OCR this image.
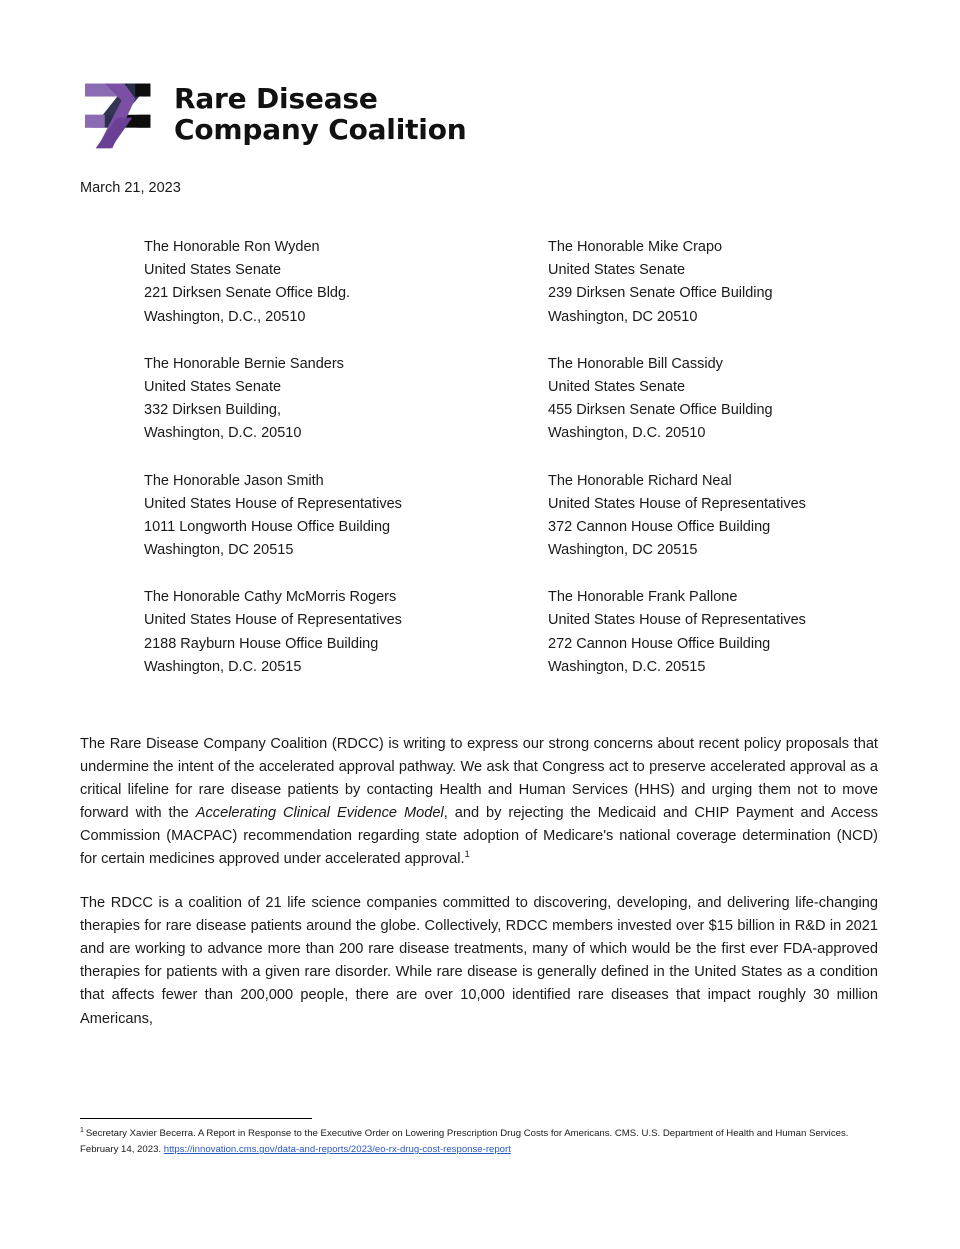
Rare Disease
Company Coalition
March 21, 2023
The Honorable Ron Wyden
United States Senate
221 Dirksen Senate Office Bldg.
Washington, D.C., 20510
The Honorable Mike Crapo
United States Senate
239 Dirksen Senate Office Building
Washington, DC 20510
The Honorable Bernie Sanders
United States Senate
332 Dirksen Building,
Washington, D.C. 20510
The Honorable Bill Cassidy
United States Senate
455 Dirksen Senate Office Building
Washington, D.C. 20510
The Honorable Jason Smith
United States House of Representatives
1011 Longworth House Office Building
Washington, DC 20515
The Honorable Richard Neal
United States House of Representatives
372 Cannon House Office Building
Washington, DC 20515
The Honorable Cathy McMorris Rogers
United States House of Representatives
2188 Rayburn House Office Building
Washington, D.C. 20515
The Honorable Frank Pallone
United States House of Representatives
272 Cannon House Office Building
Washington, D.C. 20515

The Rare Disease Company Coalition (RDCC) is writing to express our strong concerns about recent policy proposals that undermine the intent of the accelerated approval pathway. We ask that Congress act to preserve accelerated approval as a critical lifeline for rare disease patients by contacting Health and Human Services (HHS) and urging them not to move forward with the Accelerating Clinical Evidence Model, and by rejecting the Medicaid and CHIP Payment and Access Commission (MACPAC) recommendation regarding state adoption of Medicare's national coverage determination (NCD) for certain medicines approved under accelerated approval.$^1$

The RDCC is a coalition of 21 life science companies committed to discovering, developing, and delivering life-changing therapies for rare disease patients around the globe. Collectively, RDCC members invested over $15 billion in R&D in 2021 and are working to advance more than 200 rare disease treatments, many of which would be the first ever FDA-approved therapies for patients with a given rare disorder. While rare disease is generally defined in the United States as a condition that affects fewer than 200,000 people, there are over 10,000 identified rare diseases that impact roughly 30 million Americans,

$^1$ Secretary Xavier Becerra. A Report in Response to the Executive Order on Lowering Prescription Drug Costs for Americans. CMS. U.S. Department of Health and Human Services. February 14, 2023. https://innovation.cms.gov/data-and-reports/2023/eo-rx-drug-cost-response-report
